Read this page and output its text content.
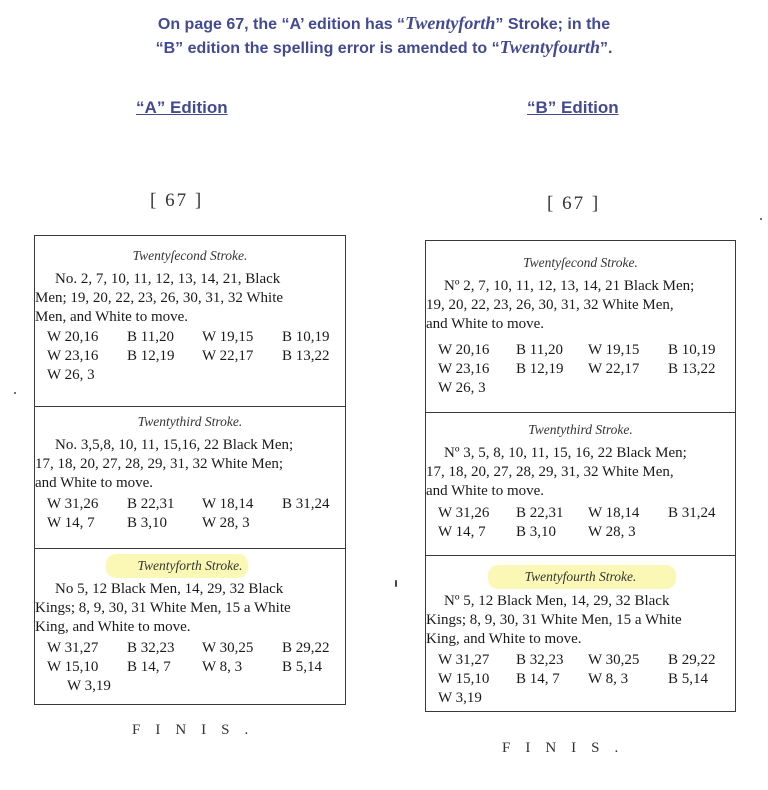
On page 67, the “A’ edition has “Twentyforth” Stroke; in the
“B” edition the spelling error is amended to “Twentyfourth”.
“A” Edition	“B” Edition
[ 67 ]	[ 67 ]
Twentyſecond Stroke.
No. 2, 7, 10, 11, 12, 13, 14, 21, Black
Men; 19, 20, 22, 23, 26, 30, 31, 32 White
Men, and White to move.
W 20,16 B 11,20 W 19,15 B 10,19
W 23,16 B 12,19 W 22,17 B 13,22
W 26, 3
Twentythird Stroke.
No. 3,5,8, 10, 11, 15,16, 22 Black Men;
17, 18, 20, 27, 28, 29, 31, 32 White Men;
and White to move.
W 31,26 B 22,31 W 18,14 B 31,24
W 14, 7 B 3,10 W 28, 3
Twentyforth Stroke.
No 5, 12 Black Men, 14, 29, 32 Black
Kings; 8, 9, 30, 31 White Men, 15 a White
King, and White to move.
W 31,27 B 32,23 W 30,25 B 29,22
W 15,10 B 14, 7 W 8, 3	B 5,14
W 3,19
Twentyſecond Stroke.
Nº 2, 7, 10, 11, 12, 13, 14, 21 Black Men;
19, 20, 22, 23, 26, 30, 31, 32 White Men,
and White to move.
W 20,16 B 11,20 W 19,15 B 10,19
W 23,16 B 12,19 W 22,17 B 13,22
W 26, 3
Twentythird Stroke.
Nº 3, 5, 8, 10, 11, 15, 16, 22 Black Men;
17, 18, 20, 27, 28, 29, 31, 32 White Men,
and White to move.
W 31,26 B 22,31 W 18,14 B 31,24
W 14, 7 B 3,10 W 28, 3
Twentyfourth Stroke.
Nº 5, 12 Black Men, 14, 29, 32 Black
Kings; 8, 9, 30, 31 White Men, 15 a White
King, and White to move.
W 31,27 B 32,23 W 30,25 B 29,22
W 15,10 B 14, 7 W 8, 3	B 5,14
W 3,19
FINIS.
FINIS.
